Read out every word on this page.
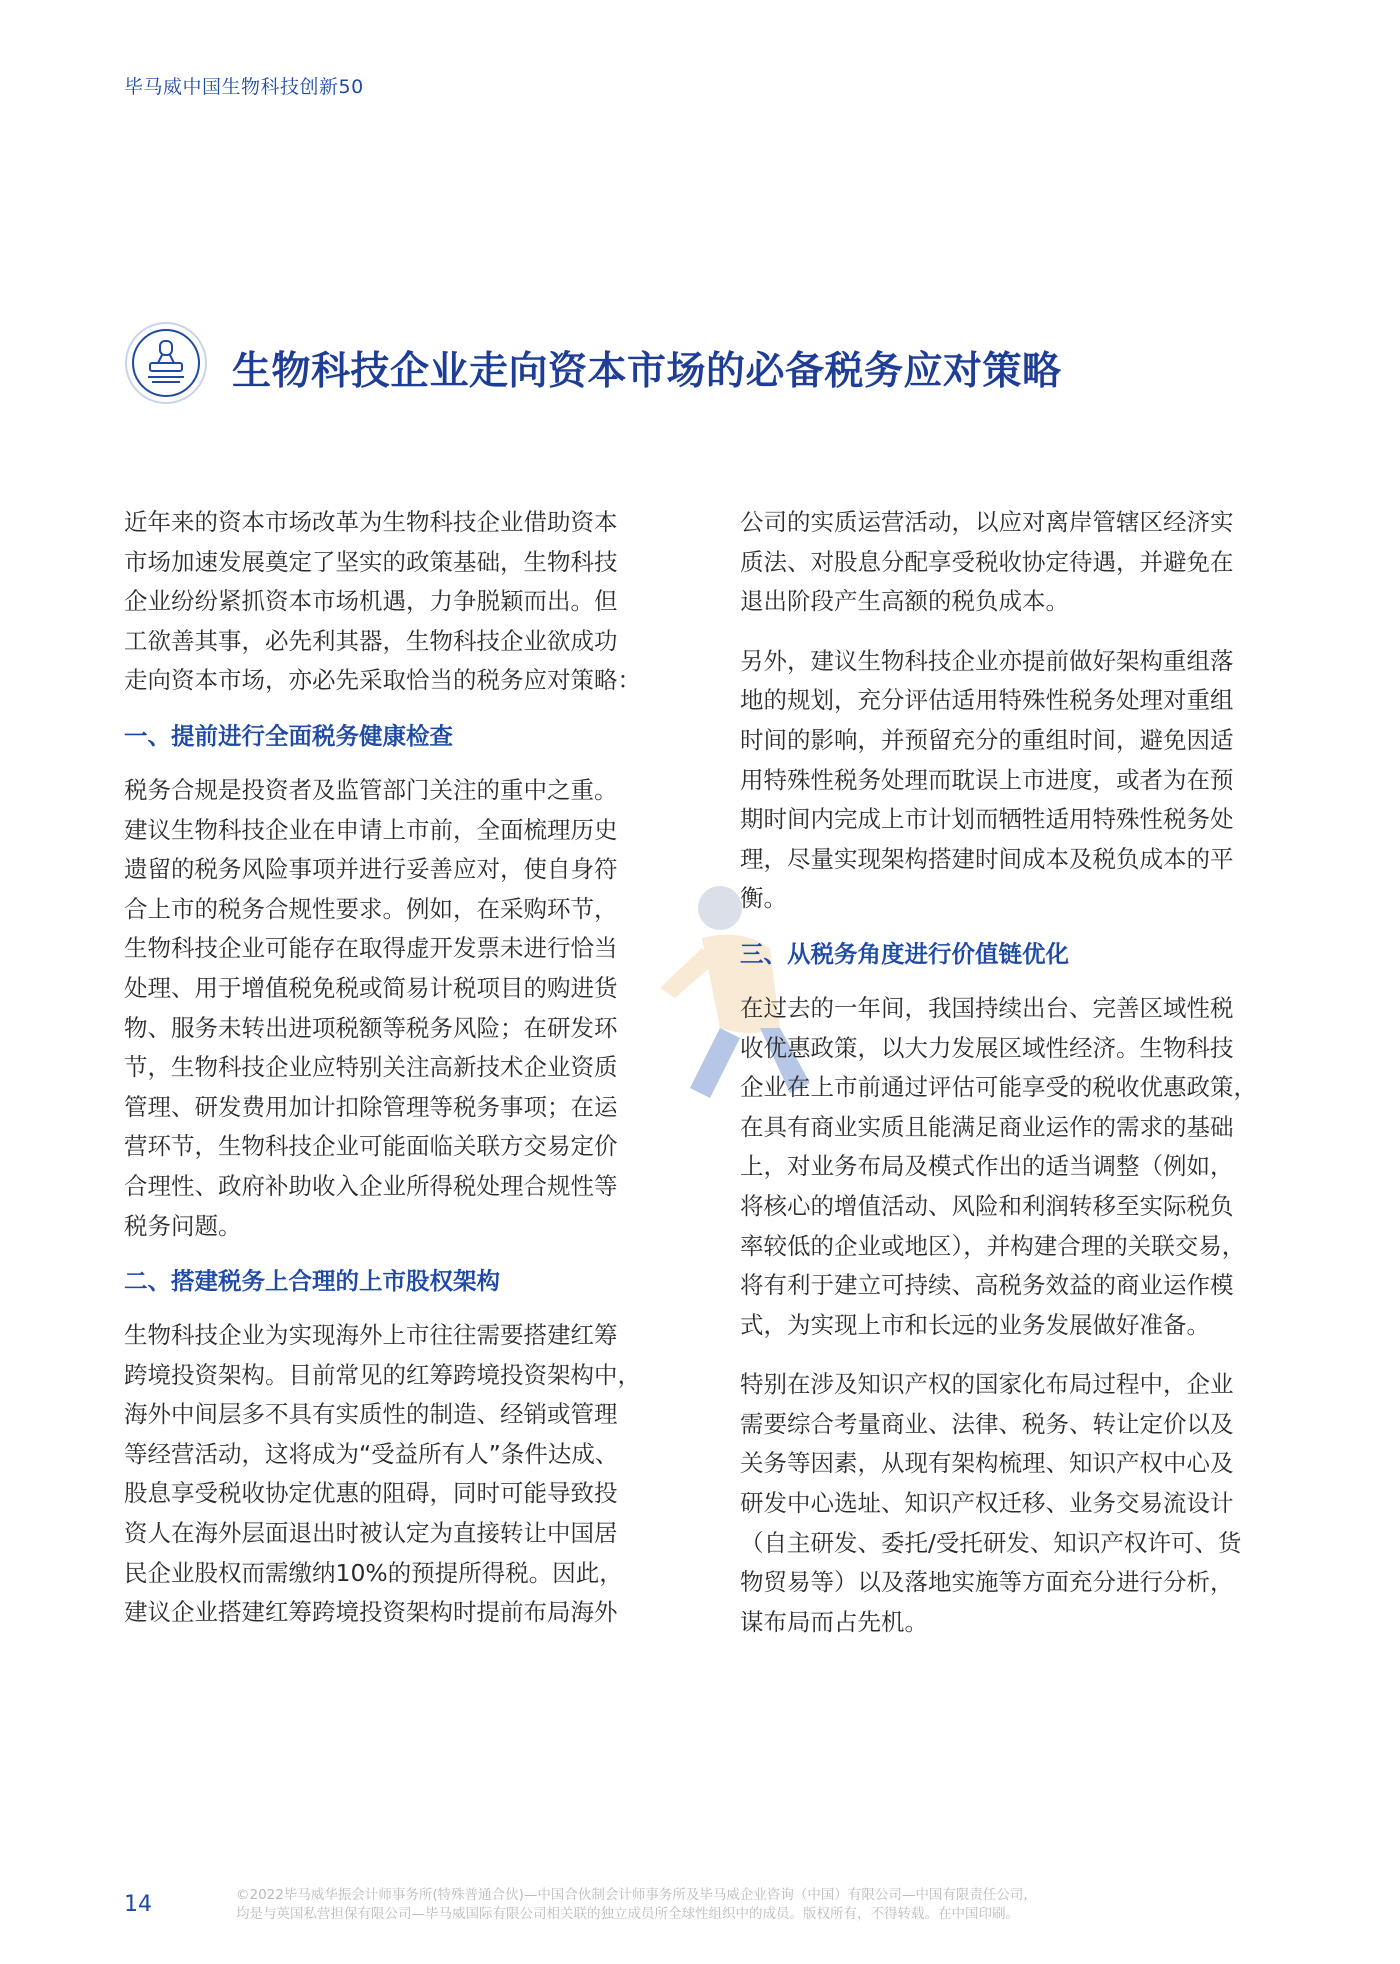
毕马威中国生物科技创新50
生物科技企业走向资本市场的必备税务应对策略

近年来的资本市场改革为生物科技企业借助资本
市场加速发展奠定了坚实的政策基础，生物科技
企业纷纷紧抓资本市场机遇，力争脱颖而出。但
工欲善其事，必先利其器，生物科技企业欲成功
走向资本市场，亦必先采取恰当的税务应对策略：

一、提前进行全面税务健康检查

税务合规是投资者及监管部门关注的重中之重。
建议生物科技企业在申请上市前，全面梳理历史
遗留的税务风险事项并进行妥善应对，使自身符
合上市的税务合规性要求。例如，在采购环节，
生物科技企业可能存在取得虚开发票未进行恰当
处理、用于增值税免税或简易计税项目的购进货
物、服务未转出进项税额等税务风险；在研发环
节，生物科技企业应特别关注高新技术企业资质
管理、研发费用加计扣除管理等税务事项；在运
营环节，生物科技企业可能面临关联方交易定价
合理性、政府补助收入企业所得税处理合规性等
税务问题。

二、搭建税务上合理的上市股权架构

生物科技企业为实现海外上市往往需要搭建红筹
跨境投资架构。目前常见的红筹跨境投资架构中，
海外中间层多不具有实质性的制造、经销或管理
等经营活动，这将成为“受益所有人”条件达成、
股息享受税收协定优惠的阻碍，同时可能导致投
资人在海外层面退出时被认定为直接转让中国居
民企业股权而需缴纳10%的预提所得税。因此，
建议企业搭建红筹跨境投资架构时提前布局海外

公司的实质运营活动，以应对离岸管辖区经济实
质法、对股息分配享受税收协定待遇，并避免在
退出阶段产生高额的税负成本。

另外，建议生物科技企业亦提前做好架构重组落
地的规划，充分评估适用特殊性税务处理对重组
时间的影响，并预留充分的重组时间，避免因适
用特殊性税务处理而耽误上市进度，或者为在预
期时间内完成上市计划而牺牲适用特殊性税务处
理，尽量实现架构搭建时间成本及税负成本的平
衡。

三、从税务角度进行价值链优化

在过去的一年间，我国持续出台、完善区域性税
收优惠政策，以大力发展区域性经济。生物科技
企业在上市前通过评估可能享受的税收优惠政策，
在具有商业实质且能满足商业运作的需求的基础
上，对业务布局及模式作出的适当调整（例如，
将核心的增值活动、风险和利润转移至实际税负
率较低的企业或地区），并构建合理的关联交易，
将有利于建立可持续、高税务效益的商业运作模
式，为实现上市和长远的业务发展做好准备。

特别在涉及知识产权的国家化布局过程中，企业
需要综合考量商业、法律、税务、转让定价以及
关务等因素，从现有架构梳理、知识产权中心及
研发中心选址、知识产权迁移、业务交易流设计
（自主研发、委托/受托研发、知识产权许可、货
物贸易等）以及落地实施等方面充分进行分析，
谋布局而占先机。

14	©2022毕马威华振会计师事务所(特殊普通合伙)—中国合伙制会计师事务所及毕马威企业咨询（中国）有限公司—中国有限责任公司,
均是与英国私营担保有限公司—毕马威国际有限公司相关联的独立成员所全球性组织中的成员。版权所有，不得转载。在中国印刷。
